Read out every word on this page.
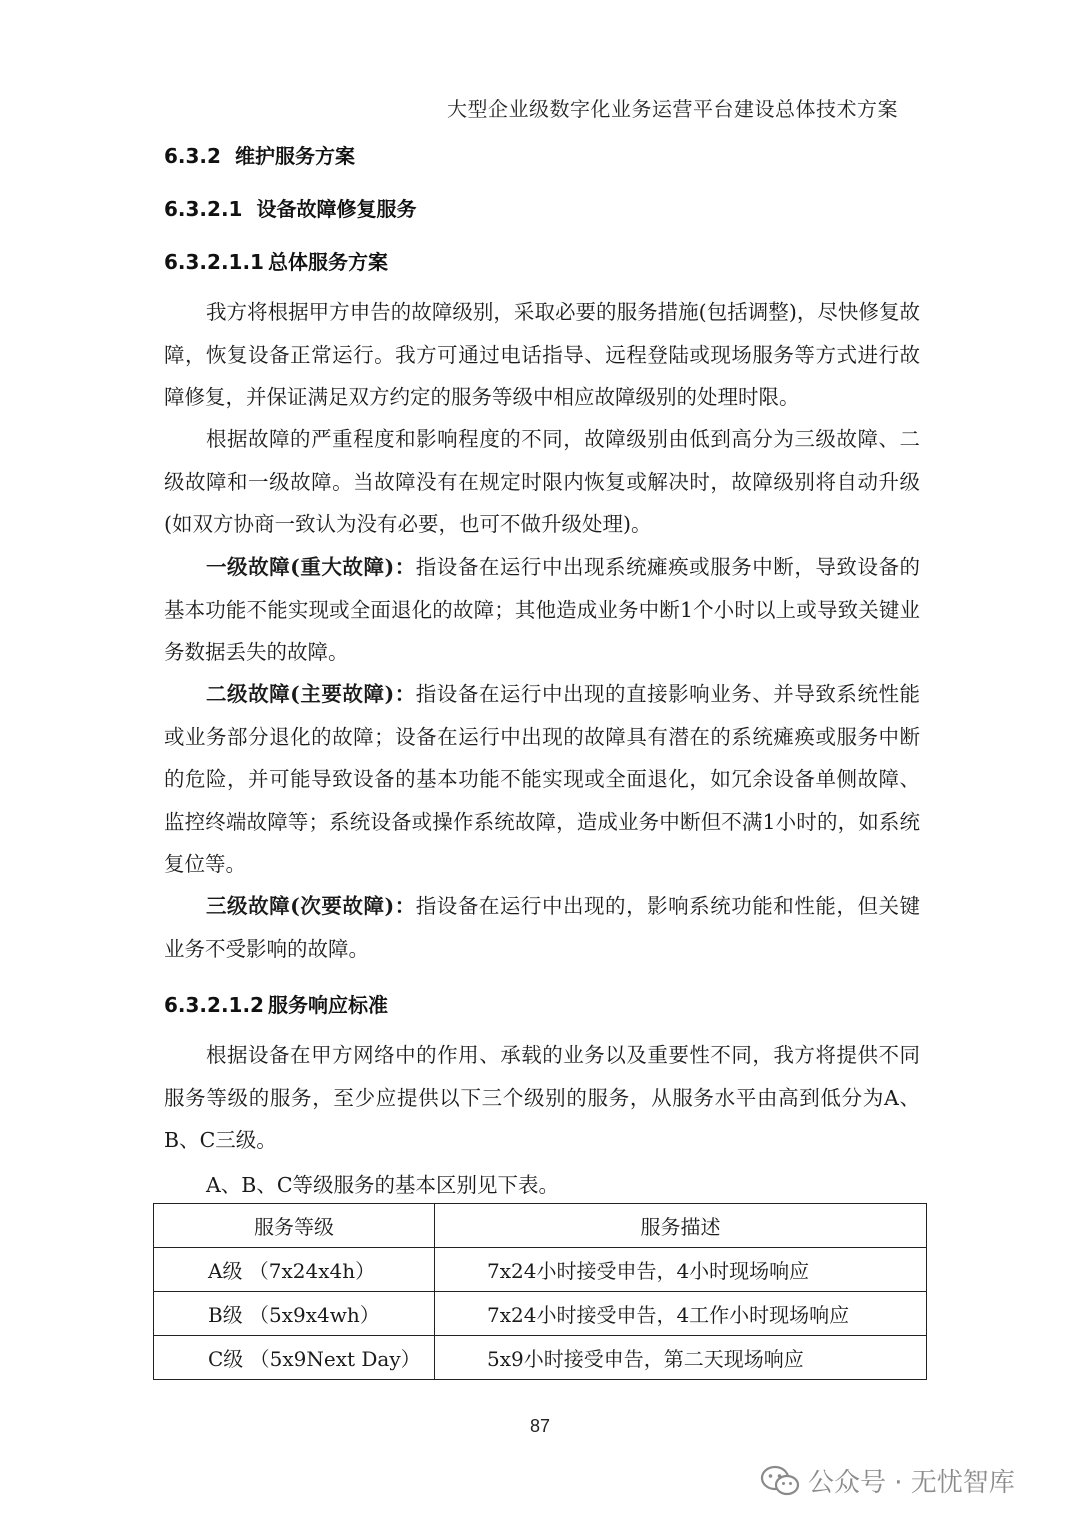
大型企业级数字化业务运营平台建设总体技术方案
6.3.2 维护服务方案
6.3.2.1 设备故障修复服务
6.3.2.1.1 总体服务方案

我方将根据甲方申告的故障级别，采取必要的服务措施(包括调整)，尽快修复故障，恢复设备正常运行。我方可通过电话指导、远程登陆或现场服务等方式进行故障修复，并保证满足双方约定的服务等级中相应故障级别的处理时限。

根据故障的严重程度和影响程度的不同，故障级别由低到高分为三级故障、二级故障和一级故障。当故障没有在规定时限内恢复或解决时，故障级别将自动升级(如双方协商一致认为没有必要，也可不做升级处理)。

一级故障(重大故障)：指设备在运行中出现系统瘫痪或服务中断，导致设备的基本功能不能实现或全面退化的故障；其他造成业务中断1个小时以上或导致关键业务数据丢失的故障。

二级故障(主要故障)：指设备在运行中出现的直接影响业务、并导致系统性能或业务部分退化的故障；设备在运行中出现的故障具有潜在的系统瘫痪或服务中断的危险，并可能导致设备的基本功能不能实现或全面退化，如冗余设备单侧故障、监控终端故障等；系统设备或操作系统故障，造成业务中断但不满1小时的，如系统复位等。

三级故障(次要故障)：指设备在运行中出现的，影响系统功能和性能，但关键业务不受影响的故障。

6.3.2.1.2 服务响应标准

根据设备在甲方网络中的作用、承载的业务以及重要性不同，我方将提供不同服务等级的服务，至少应提供以下三个级别的服务，从服务水平由高到低分为A、B、C三级。

A、B、C等级服务的基本区别见下表。
服务等级	服务描述
A级 （7x24x4h）	7x24小时接受申告，4小时现场响应
B级 （5x9x4wh）	7x24小时接受申告，4工作小时现场响应
C级 （5x9Next Day）	5x9小时接受申告，第二天现场响应
87
公众号 · 无忧智库
